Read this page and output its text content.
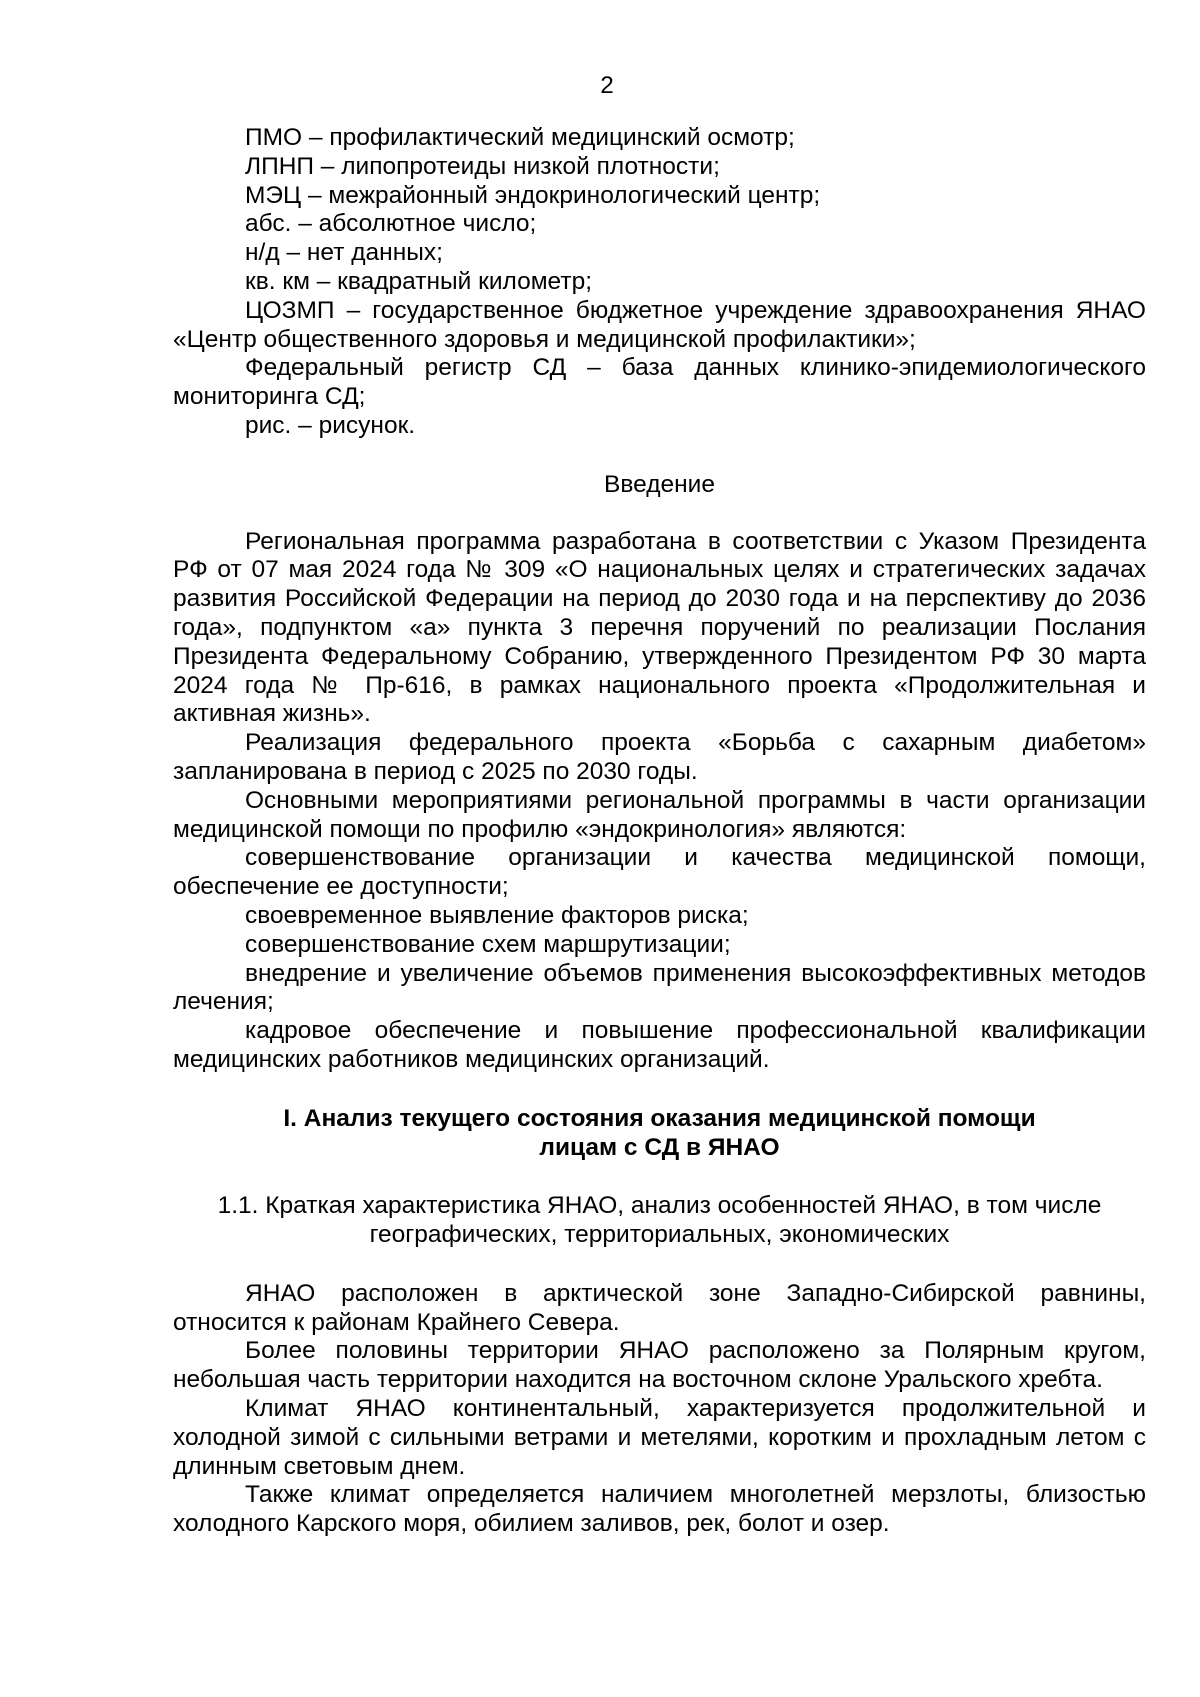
2

ПМО – профилактический медицинский осмотр;

ЛПНП – липопротеиды низкой плотности;

МЭЦ – межрайонный эндокринологический центр;

абс. – абсолютное число;

н/д – нет данных;

кв. км – квадратный километр;

ЦОЗМП – государственное бюджетное учреждение здравоохранения ЯНАО «Центр общественного здоровья и медицинской профилактики»;

Федеральный регистр СД – база данных клинико-эпидемиологического мониторинга СД;

рис. – рисунок.

Введение

Региональная программа разработана в соответствии с Указом Президента РФ от 07 мая 2024 года № 309 «О национальных целях и стратегических задачах развития Российской Федерации на период до 2030 года и на перспективу до 2036 года», подпунктом «а» пункта 3 перечня поручений по реализации Послания Президента Федеральному Собранию, утвержденного Президентом РФ 30 марта 2024 года № Пр-616, в рамках национального проекта «Продолжительная и активная жизнь».

Реализация федерального проекта «Борьба с сахарным диабетом» запланирована в период с 2025 по 2030 годы.

Основными мероприятиями региональной программы в части организации медицинской помощи по профилю «эндокринология» являются:

совершенствование организации и качества медицинской помощи, обеспечение ее доступности;

своевременное выявление факторов риска;

совершенствование схем маршрутизации;

внедрение и увеличение объемов применения высокоэффективных методов лечения;

кадровое обеспечение и повышение профессиональной квалификации медицинских работников медицинских организаций.

I. Анализ текущего состояния оказания медицинской помощи

лицам с СД в ЯНАО

1.1. Краткая характеристика ЯНАО, анализ особенностей ЯНАО, в том числе

географических, территориальных, экономических

ЯНАО расположен в арктической зоне Западно-Сибирской равнины, относится к районам Крайнего Севера.

Более половины территории ЯНАО расположено за Полярным кругом, небольшая часть территории находится на восточном склоне Уральского хребта.

Климат ЯНАО континентальный, характеризуется продолжительной и холодной зимой с сильными ветрами и метелями, коротким и прохладным летом с длинным световым днем.

Также климат определяется наличием многолетней мерзлоты, близостью холодного Карского моря, обилием заливов, рек, болот и озер.
